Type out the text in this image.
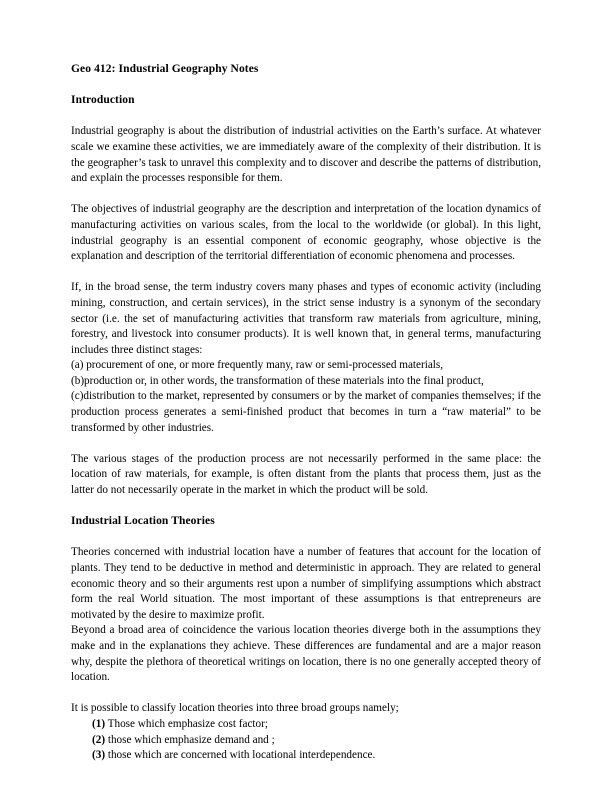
Geo 412: Industrial Geography Notes
Introduction

Industrial geography is about the distribution of industrial activities on the Earth’s surface. At whatever scale we examine these activities, we are immediately aware of the complexity of their distribution. It is the geographer’s task to unravel this complexity and to discover and describe the patterns of distribution, and explain the processes responsible for them.

The objectives of industrial geography are the description and interpretation of the location dynamics of manufacturing activities on various scales, from the local to the worldwide (or global). In this light, industrial geography is an essential component of economic geography, whose objective is the explanation and description of the territorial differentiation of economic phenomena and processes.

If, in the broad sense, the term industry covers many phases and types of economic activity (including mining, construction, and certain services), in the strict sense industry is a synonym of the secondary sector (i.e. the set of manufacturing activities that transform raw materials from agriculture, mining, forestry, and livestock into consumer products). It is well known that, in general terms, manufacturing includes three distinct stages:

(a) procurement of one, or more frequently many, raw or semi-processed materials,
(b)production or, in other words, the transformation of these materials into the final product,
(c)distribution to the market, represented by consumers or by the market of companies themselves; if the production process generates a semi-finished product that becomes in turn a “raw material” to be transformed by other industries.

The various stages of the production process are not necessarily performed in the same place: the location of raw materials, for example, is often distant from the plants that process them, just as the latter do not necessarily operate in the market in which the product will be sold.

Industrial Location Theories

Theories concerned with industrial location have a number of features that account for the location of plants. They tend to be deductive in method and deterministic in approach. They are related to general economic theory and so their arguments rest upon a number of simplifying assumptions which abstract form the real World situation. The most important of these assumptions is that entrepreneurs are motivated by the desire to maximize profit.

Beyond a broad area of coincidence the various location theories diverge both in the assumptions they make and in the explanations they achieve. These differences are fundamental and are a major reason why, despite the plethora of theoretical writings on location, there is no one generally accepted theory of location.

It is possible to classify location theories into three broad groups namely;

(1) Those which emphasize cost factor;
(2) those which emphasize demand and ;
(3) those which are concerned with locational interdependence.
